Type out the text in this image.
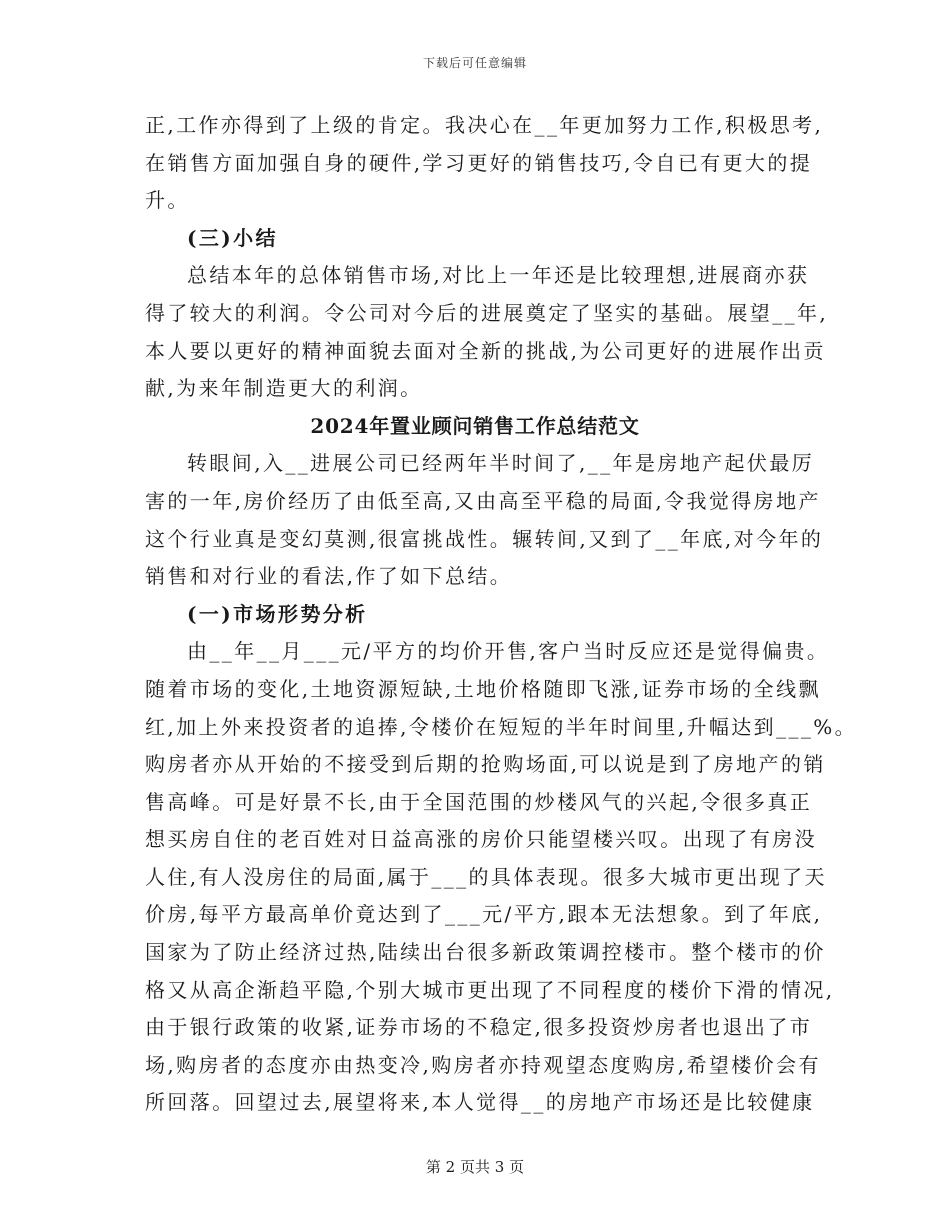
下载后可任意编辑
正,工作亦得到了上级的肯定。我决心在__年更加努力工作,积极思考,
在销售方面加强自身的硬件,学习更好的销售技巧,令自已有更大的提
升。
(三)小结
总结本年的总体销售市场,对比上一年还是比较理想,进展商亦获
得了较大的利润。令公司对今后的进展奠定了坚实的基础。展望__年,
本人要以更好的精神面貌去面对全新的挑战,为公司更好的进展作出贡
献,为来年制造更大的利润。
2024年置业顾问销售工作总结范文
转眼间,入__进展公司已经两年半时间了,__年是房地产起伏最厉
害的一年,房价经历了由低至高,又由高至平稳的局面,令我觉得房地产
这个行业真是变幻莫测,很富挑战性。辗转间,又到了__年底,对今年的
销售和对行业的看法,作了如下总结。
(一)市场形势分析
由__年__月___元/平方的均价开售,客户当时反应还是觉得偏贵。
随着市场的变化,土地资源短缺,土地价格随即飞涨,证券市场的全线飘
红,加上外来投资者的追捧,令楼价在短短的半年时间里,升幅达到___%。
购房者亦从开始的不接受到后期的抢购场面,可以说是到了房地产的销
售高峰。可是好景不长,由于全国范围的炒楼风气的兴起,令很多真正
想买房自住的老百姓对日益高涨的房价只能望楼兴叹。出现了有房没
人住,有人没房住的局面,属于___的具体表现。很多大城市更出现了天
价房,每平方最高单价竟达到了___元/平方,跟本无法想象。到了年底,
国家为了防止经济过热,陆续出台很多新政策调控楼市。整个楼市的价
格又从高企渐趋平隐,个别大城市更出现了不同程度的楼价下滑的情况,
由于银行政策的收紧,证券市场的不稳定,很多投资炒房者也退出了市
场,购房者的态度亦由热变冷,购房者亦持观望态度购房,希望楼价会有
所回落。回望过去,展望将来,本人觉得__的房地产市场还是比较健康
第 2 页共 3 页
